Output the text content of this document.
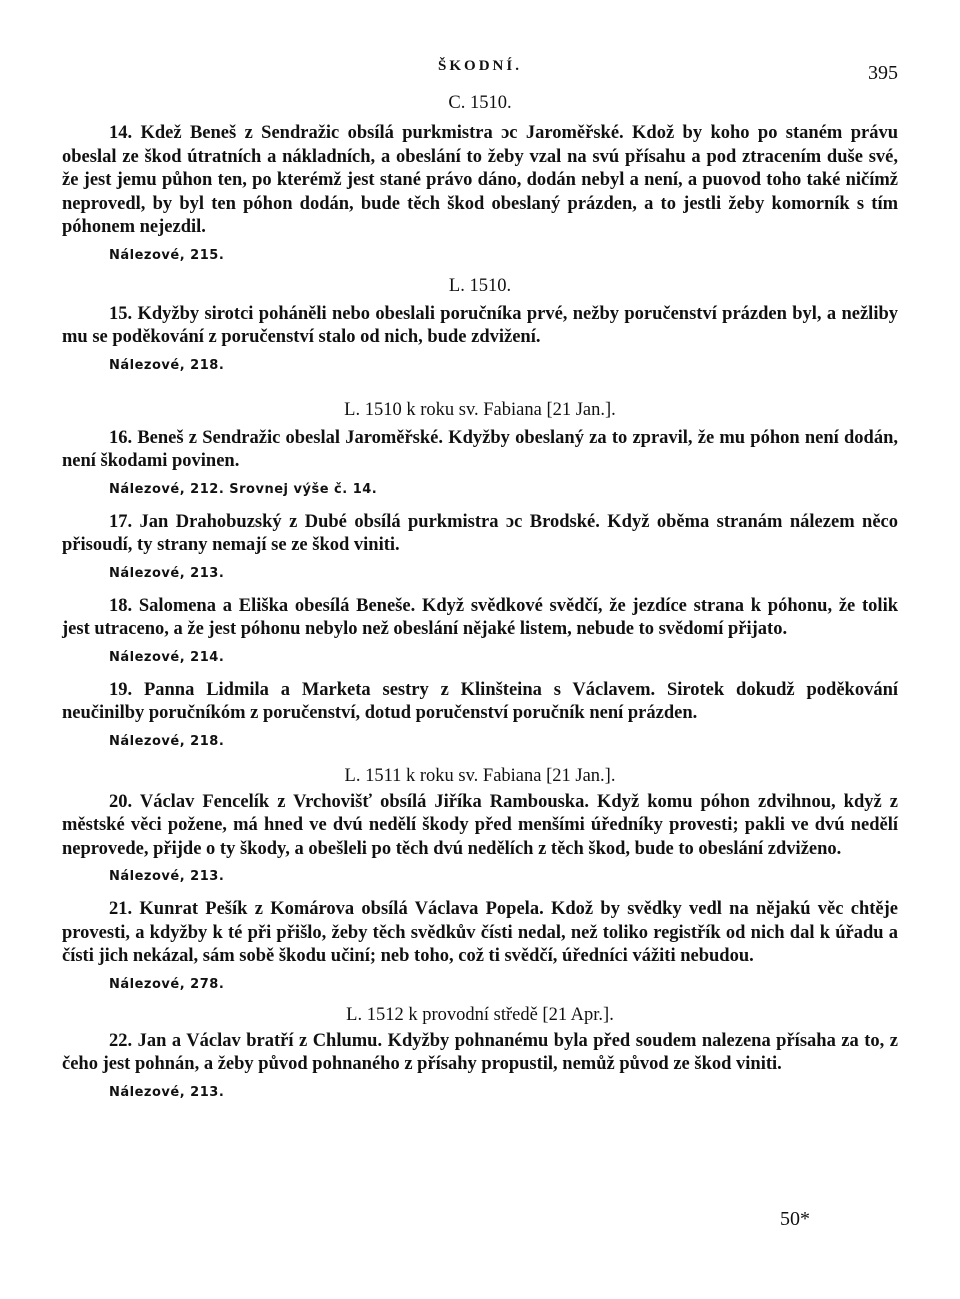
ŠKODNÍ.	395
C. 1510.

14. Kdež Beneš z Sendražic obsílá purkmistra ɔc Jaroměřské. Kdož by koho po staném právu obeslal ze škod útratních a nákladních, a obeslání to žeby vzal na svú přísahu a pod ztracením duše své, že jest jemu půhon ten, po kterémž jest stané právo dáno, dodán nebyl a není, a puovod toho také ničímž neprovedl, by byl ten póhon dodán, bude těch škod obeslaný prázden, a to jestli žeby komorník s tím póhonem nejezdil.

Nálezové, 215.
L. 1510.

15. Kdyžby sirotci poháněli nebo obeslali poručníka prvé, nežby poručenství prázden byl, a nežliby mu se poděkování z poručenství stalo od nich, bude zdvižení.

Nálezové, 218.
L. 1510 k roku sv. Fabiana [21 Jan.].

16. Beneš z Sendražic obeslal Jaroměřské. Kdyžby obeslaný za to zpravil, že mu póhon není dodán, není škodami povinen.

Nálezové, 212. Srovnej výše č. 14.

17. Jan Drahobuzský z Dubé obsílá purkmistra ɔc Brodské. Když oběma stranám nálezem něco přisoudí, ty strany nemají se ze škod viniti.

Nálezové, 213.

18. Salomena a Eliška obesílá Beneše. Když svědkové svědčí, že jezdíce strana k póhonu, že tolik jest utraceno, a že jest póhonu nebylo než obeslání nějaké listem, nebude to svědomí přijato.

Nálezové, 214.

19. Panna Lidmila a Marketa sestry z Klinšteina s Václavem. Sirotek dokudž poděkování neučinilby poručníkóm z poručenství, dotud poručenství poručník není prázden.

Nálezové, 218.
L. 1511 k roku sv. Fabiana [21 Jan.].

20. Václav Fencelík z Vrchovišť obsílá Jiříka Rambouska. Když komu póhon zdvihnou, když z městské věci požene, má hned ve dvú nedělí škody před menšími úředníky provesti; pakli ve dvú nedělí neprovede, přijde o ty škody, a obešleli po těch dvú nedělích z těch škod, bude to obeslání zdviženo.

Nálezové, 213.

21. Kunrat Pešík z Komárova obsílá Václava Popela. Kdož by svědky vedl na nějakú věc chtěje provesti, a kdyžby k té při přišlo, žeby těch svědkův čísti nedal, než toliko registřík od nich dal k úřadu a čísti jich nekázal, sám sobě škodu učiní; neb toho, což ti svědčí, úředníci vážiti nebudou.

Nálezové, 278.
L. 1512 k provodní středě [21 Apr.].

22. Jan a Václav bratří z Chlumu. Kdyžby pohnanému byla před soudem nalezena přísaha za to, z čeho jest pohnán, a žeby původ pohnaného z přísahy propustil, nemůž původ ze škod viniti.

Nálezové, 213.
50*
